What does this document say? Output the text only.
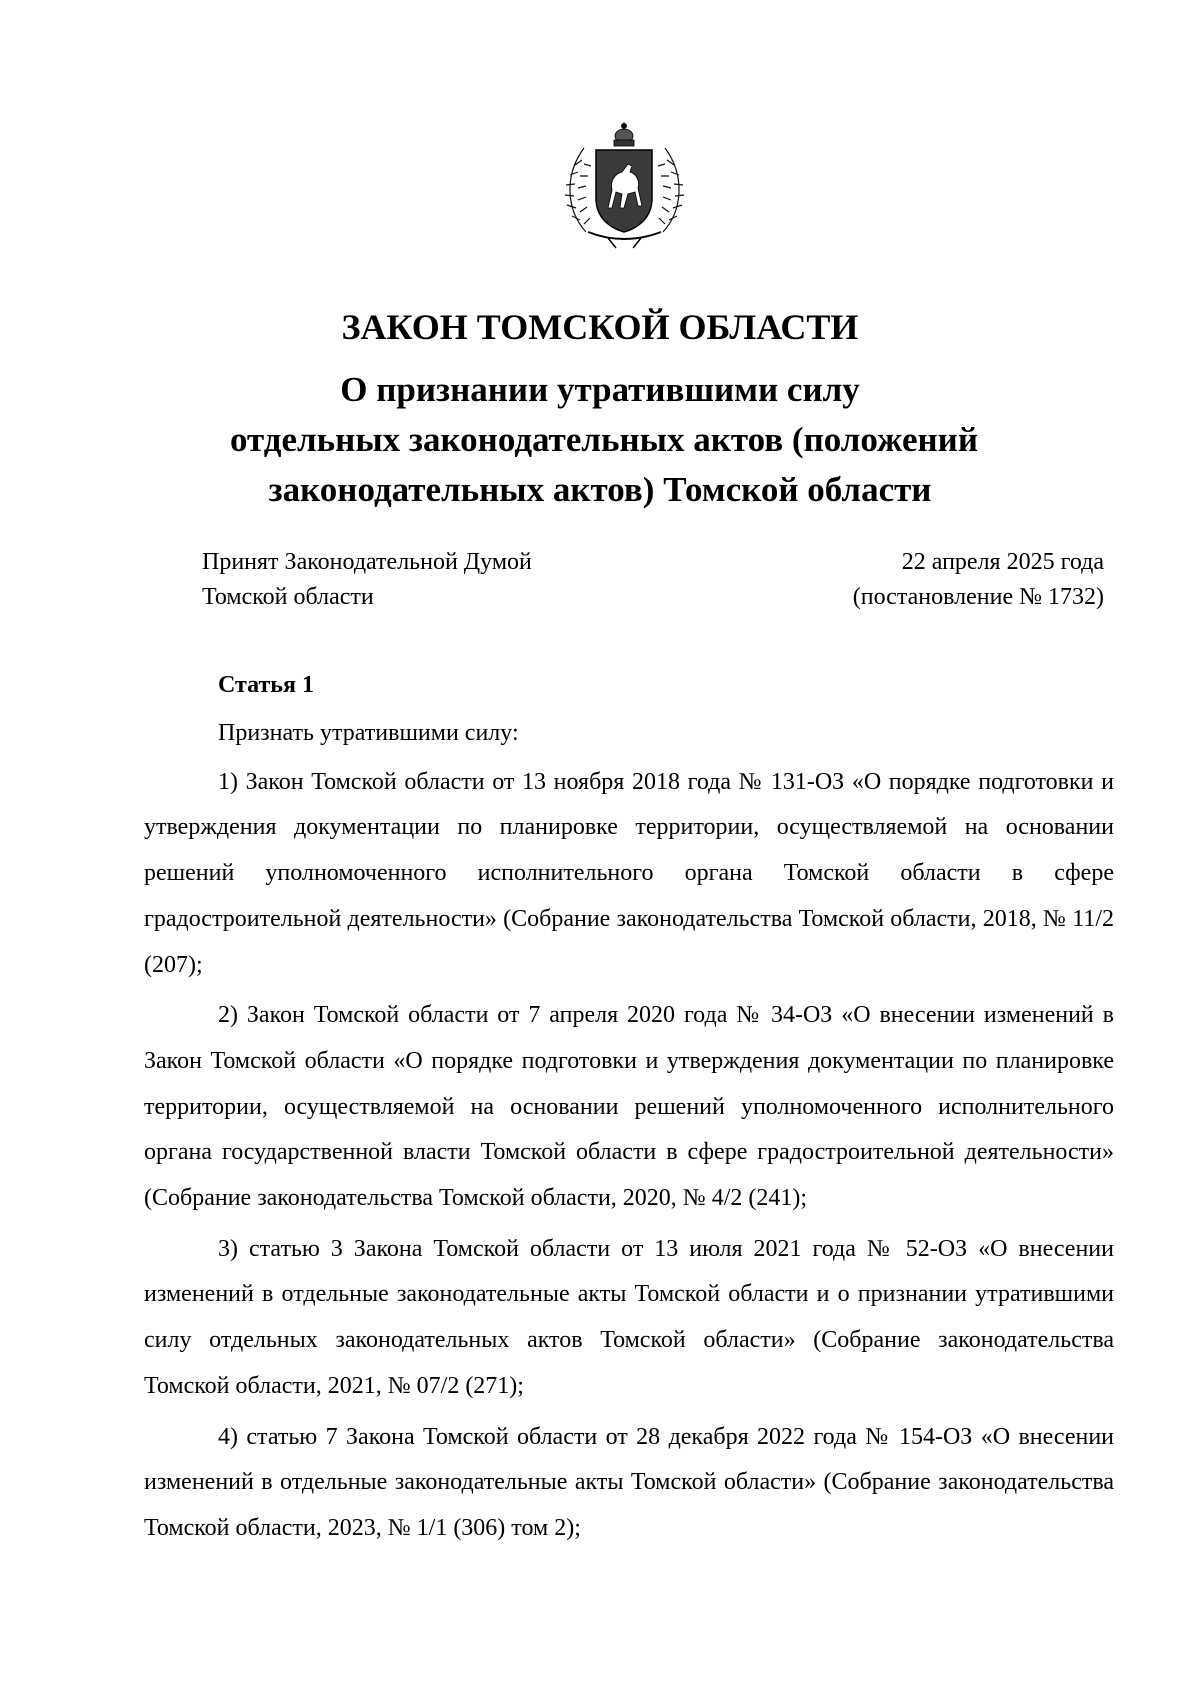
ЗАКОН ТОМСКОЙ ОБЛАСТИ
О признании утратившими силу
отдельных законодательных актов (положений
законодательных актов) Томской области
Принят Законодательной Думой
Томской области
22 апреля 2025 года
(постановление № 1732)
Статья 1

Признать утратившими силу:

1) Закон Томской области от 13 ноября 2018 года № 131-ОЗ «О порядке подготовки и утверждения документации по планировке территории, осуществляемой на основании решений уполномоченного исполнительного органа Томской области в сфере градостроительной деятельности» (Собрание законодательства Томской области, 2018, № 11/2 (207);

2) Закон Томской области от 7 апреля 2020 года № 34-ОЗ «О внесении изменений в Закон Томской области «О порядке подготовки и утверждения документации по планировке территории, осуществляемой на основании решений уполномоченного исполнительного органа государственной власти Томской области в сфере градостроительной деятельности» (Собрание законодательства Томской области, 2020, № 4/2 (241);

3) статью 3 Закона Томской области от 13 июля 2021 года № 52-ОЗ «О внесении изменений в отдельные законодательные акты Томской области и о признании утратившими силу отдельных законодательных актов Томской области» (Собрание законодательства Томской области, 2021, № 07/2 (271);

4) статью 7 Закона Томской области от 28 декабря 2022 года № 154-ОЗ «О внесении изменений в отдельные законодательные акты Томской области» (Собрание законодательства Томской области, 2023, № 1/1 (306) том 2);
